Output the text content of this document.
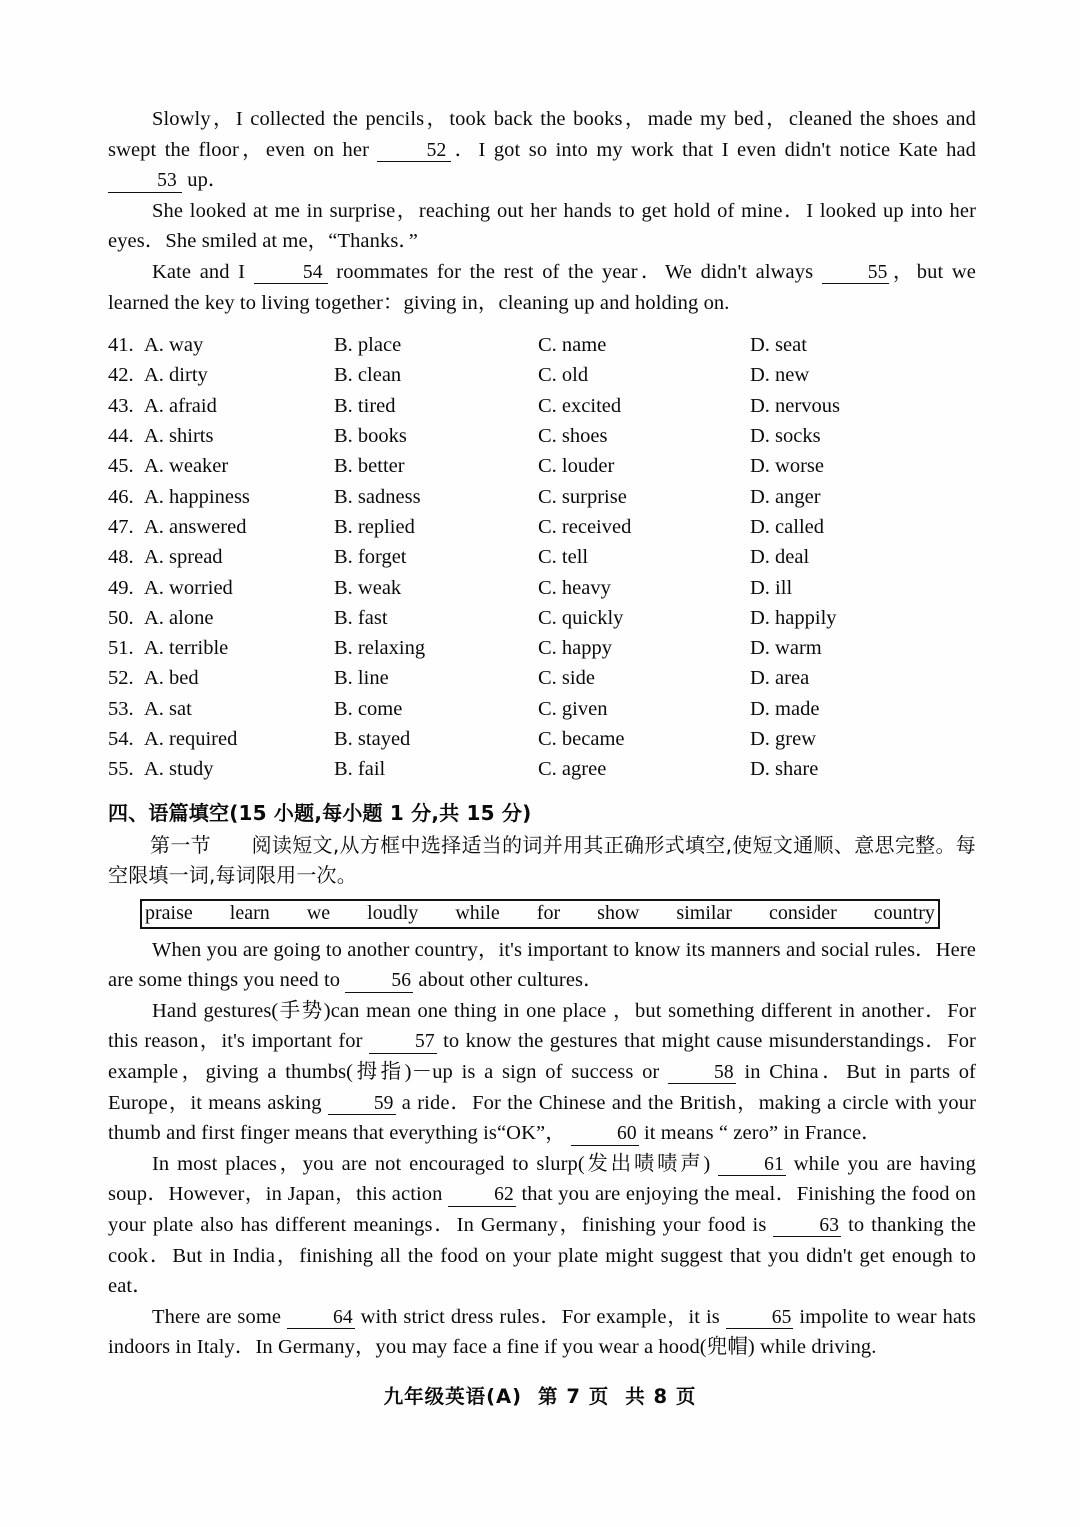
Slowly，I collected the pencils，took back the books，made my bed，cleaned the shoes and swept the floor，even on her	52 ．I got so into my work that I even didn't notice Kate had 53 up．

She looked at me in surprise，reaching out her hands to get hold of mine．I looked up into her eyes．She smiled at me，“Thanks．”

Kate and I	54 roommates for the rest of the year．We didn't always	55，but we learned the key to living together：giving in，cleaning up and holding on.

41. A. way	B. place	C. name	D. seat
42. A. dirty	B. clean	C. old	D. new
43. A. afraid	B. tired	C. excited	D. nervous
44. A. shirts	B. books	C. shoes	D. socks
45. A. weaker	B. better	C. louder	D. worse
46. A. happiness	B. sadness	C. surprise	D. anger
47. A. answered	B. replied	C. received	D. called
48. A. spread	B. forget	C. tell	D. deal
49. A. worried	B. weak	C. heavy	D. ill
50. A. alone	B. fast	C. quickly	D. happily
51. A. terrible	B. relaxing	C. happy	D. warm
52. A. bed	B. line	C. side	D. area
53. A. sat	B. come	C. given	D. made
54. A. required	B. stayed	C. became	D. grew
55. A. study	B. fail	C. agree	D. share
四、语篇填空(15 小题,每小题 1 分,共 15 分)
第一节　　阅读短文,从方框中选择适当的词并用其正确形式填空,使短文通顺、意思完整。每空限填一词,每词限用一次。
praise learn we loudly while for show similar consider country

When you are going to another country，it's important to know its manners and social rules．Here are some things you need to	56 about other cultures．

Hand gestures(手势)can mean one thing in one place ，but something different in another．For this reason，it's important for	57 to know the gestures that might cause misunderstandings．For example，giving a thumbs(拇指)－up is a sign of success or	58 in China．But in parts of Europe，it means asking	59 a ride．For the Chinese and the British，making a circle with your thumb and first finger means that everything is“OK”，	60 it means “ zero” in France．

In most places，you are not encouraged to slurp(发出啧啧声)	61 while you are having soup．However，in Japan，this action	62 that you are enjoying the meal．Finishing the food on your plate also has different meanings．In Germany，finishing your food is	63 to thanking the cook．But in India，finishing all the food on your plate might suggest that you didn't get enough to eat．

There are some	64 with strict dress rules．For example，it is	65 impolite to wear hats indoors in Italy．In Germany，you may face a fine if you wear a hood(兜帽) while driving.

九年级英语(A) 第 7 页 共 8 页
